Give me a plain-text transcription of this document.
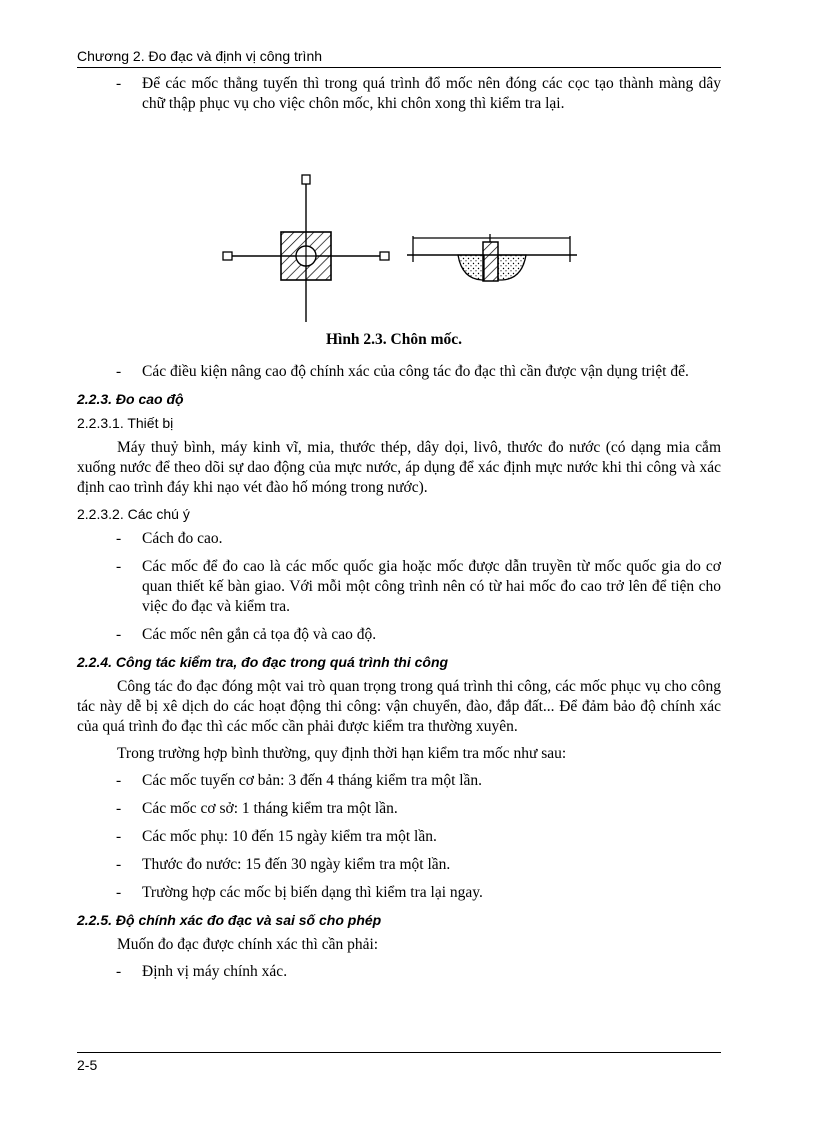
Chương 2. Đo đạc và định vị công trình

- Để các mốc thẳng tuyến thì trong quá trình đổ mốc nên đóng các cọc tạo thành màng dây chữ thập phục vụ cho việc chôn mốc, khi chôn xong thì kiểm tra lại.

Hình 2.3. Chôn mốc.

- Các điều kiện nâng cao độ chính xác của công tác đo đạc thì cần được vận dụng triệt để.

2.2.3. Đo cao độ
2.2.3.1. Thiết bị

Máy thuỷ bình, máy kinh vĩ, mia, thước thép, dây dọi, livô, thước đo nước (có dạng mia cắm xuống nước để theo dõi sự dao động của mực nước, áp dụng để xác định mực nước khi thi công và xác định cao trình đáy khi nạo vét đào hố móng trong nước).

2.2.3.2. Các chú ý

- Cách đo cao.

- Các mốc để đo cao là các mốc quốc gia hoặc mốc được dẫn truyền từ mốc quốc gia do cơ quan thiết kế bàn giao. Với mỗi một công trình nên có từ hai mốc đo cao trở lên để tiện cho việc đo đạc và kiểm tra.

- Các mốc nên gắn cả tọa độ và cao độ.

2.2.4. Công tác kiểm tra, đo đạc trong quá trình thi công

Công tác đo đạc đóng một vai trò quan trọng trong quá trình thi công, các mốc phục vụ cho công tác này dễ bị xê dịch do các hoạt động thi công: vận chuyển, đào, đắp đất... Để đảm bảo độ chính xác của quá trình đo đạc thì các mốc cần phải được kiểm tra thường xuyên.

Trong trường hợp bình thường, quy định thời hạn kiểm tra mốc như sau:

- Các mốc tuyến cơ bản: 3 đến 4 tháng kiểm tra một lần.

- Các mốc cơ sở: 1 tháng kiểm tra một lần.

- Các mốc phụ: 10 đến 15 ngày kiểm tra một lần.

- Thước đo nước: 15 đến 30 ngày kiểm tra một lần.

- Trường hợp các mốc bị biến dạng thì kiểm tra lại ngay.

2.2.5. Độ chính xác đo đạc và sai số cho phép

Muốn đo đạc được chính xác thì cần phải:

- Định vị máy chính xác.

2-5
